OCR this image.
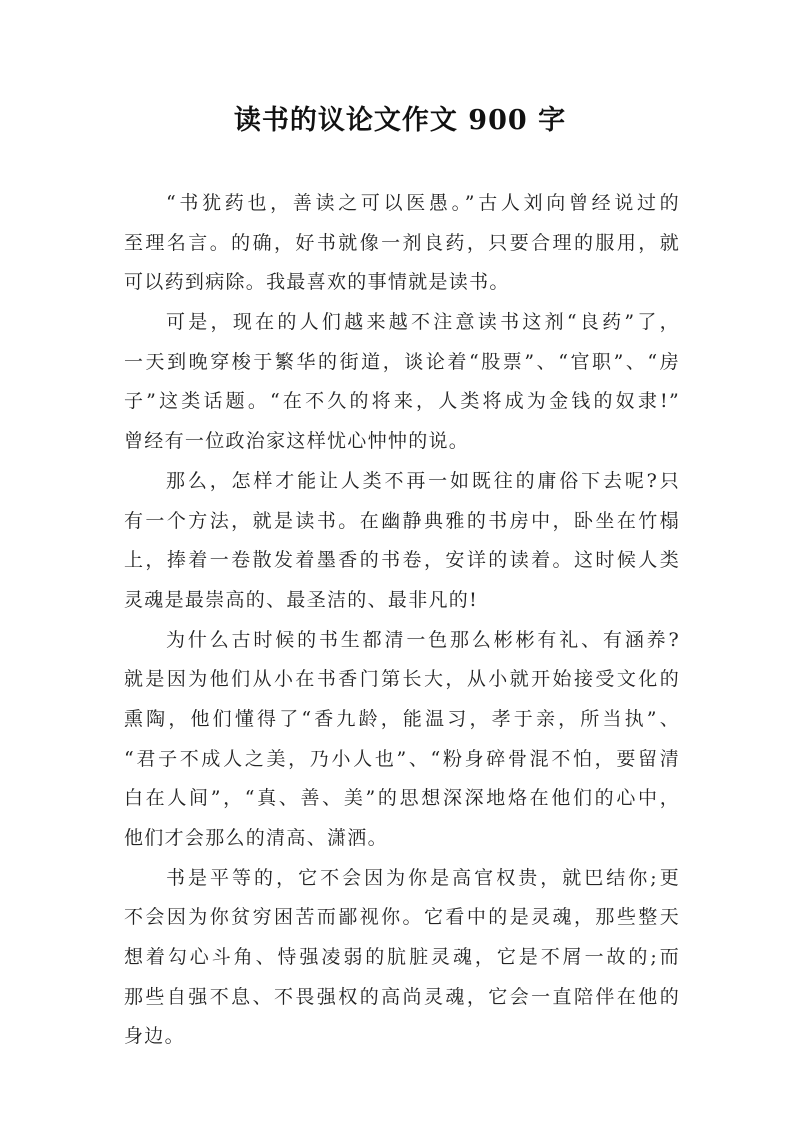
读书的议论文作文 900 字
“书犹药也，善读之可以医愚。”古人刘向曾经说过的
至理名言。的确，好书就像一剂良药，只要合理的服用，就
可以药到病除。我最喜欢的事情就是读书。
可是，现在的人们越来越不注意读书这剂“良药”了，
一天到晚穿梭于繁华的街道，谈论着“股票”、“官职”、“房
子”这类话题。“在不久的将来，人类将成为金钱的奴隶!”
曾经有一位政治家这样忧心忡忡的说。
那么，怎样才能让人类不再一如既往的庸俗下去呢?只
有一个方法，就是读书。在幽静典雅的书房中，卧坐在竹榻
上，捧着一卷散发着墨香的书卷，安详的读着。这时候人类
灵魂是最崇高的、最圣洁的、最非凡的!
为什么古时候的书生都清一色那么彬彬有礼、有涵养?
就是因为他们从小在书香门第长大，从小就开始接受文化的
熏陶，他们懂得了“香九龄，能温习，孝于亲，所当执”、
“君子不成人之美，乃小人也”、“粉身碎骨混不怕，要留清
白在人间”，“真、善、美”的思想深深地烙在他们的心中，
他们才会那么的清高、潇洒。
书是平等的，它不会因为你是高官权贵，就巴结你;更
不会因为你贫穷困苦而鄙视你。它看中的是灵魂，那些整天
想着勾心斗角、恃强凌弱的肮脏灵魂，它是不屑一故的;而
那些自强不息、不畏强权的高尚灵魂，它会一直陪伴在他的
身边。
